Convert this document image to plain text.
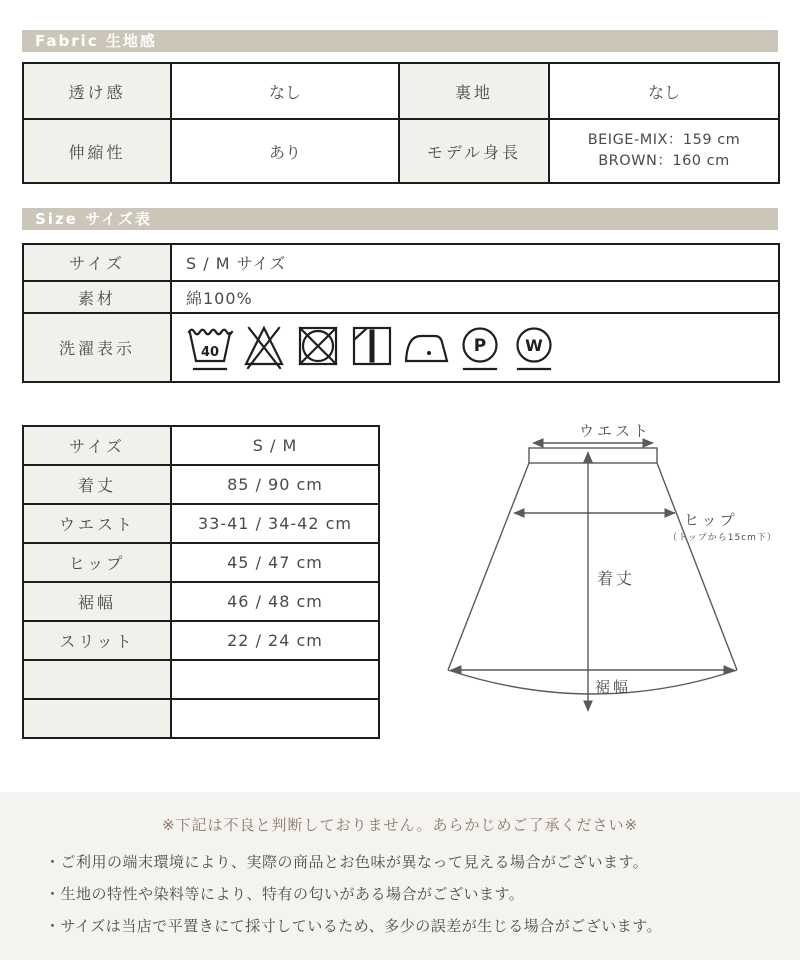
Fabric 生地感
透け感	なし	裏地	なし
伸縮性	あり	モデル身長	BEIGE-MIX：159 cm
BROWN：160 cm
Size サイズ表
サイズ	S / M サイズ
素材	綿100%
洗濯表示	40 P W
サイズ	S / M
着丈	85 / 90 cm
ウエスト	33-41 / 34-42 cm
ヒップ	45 / 47 cm
裾幅	46 / 48 cm
スリット	22 / 24 cm

ウエスト
ヒップ
（トップから15cm下）
着丈
裾幅
※下記は不良と判断しておりません。あらかじめご了承ください※
・ご利用の端末環境により、実際の商品とお色味が異なって見える場合がございます。
・生地の特性や染料等により、特有の匂いがある場合がございます。
・サイズは当店で平置きにて採寸しているため、多少の誤差が生じる場合がございます。
